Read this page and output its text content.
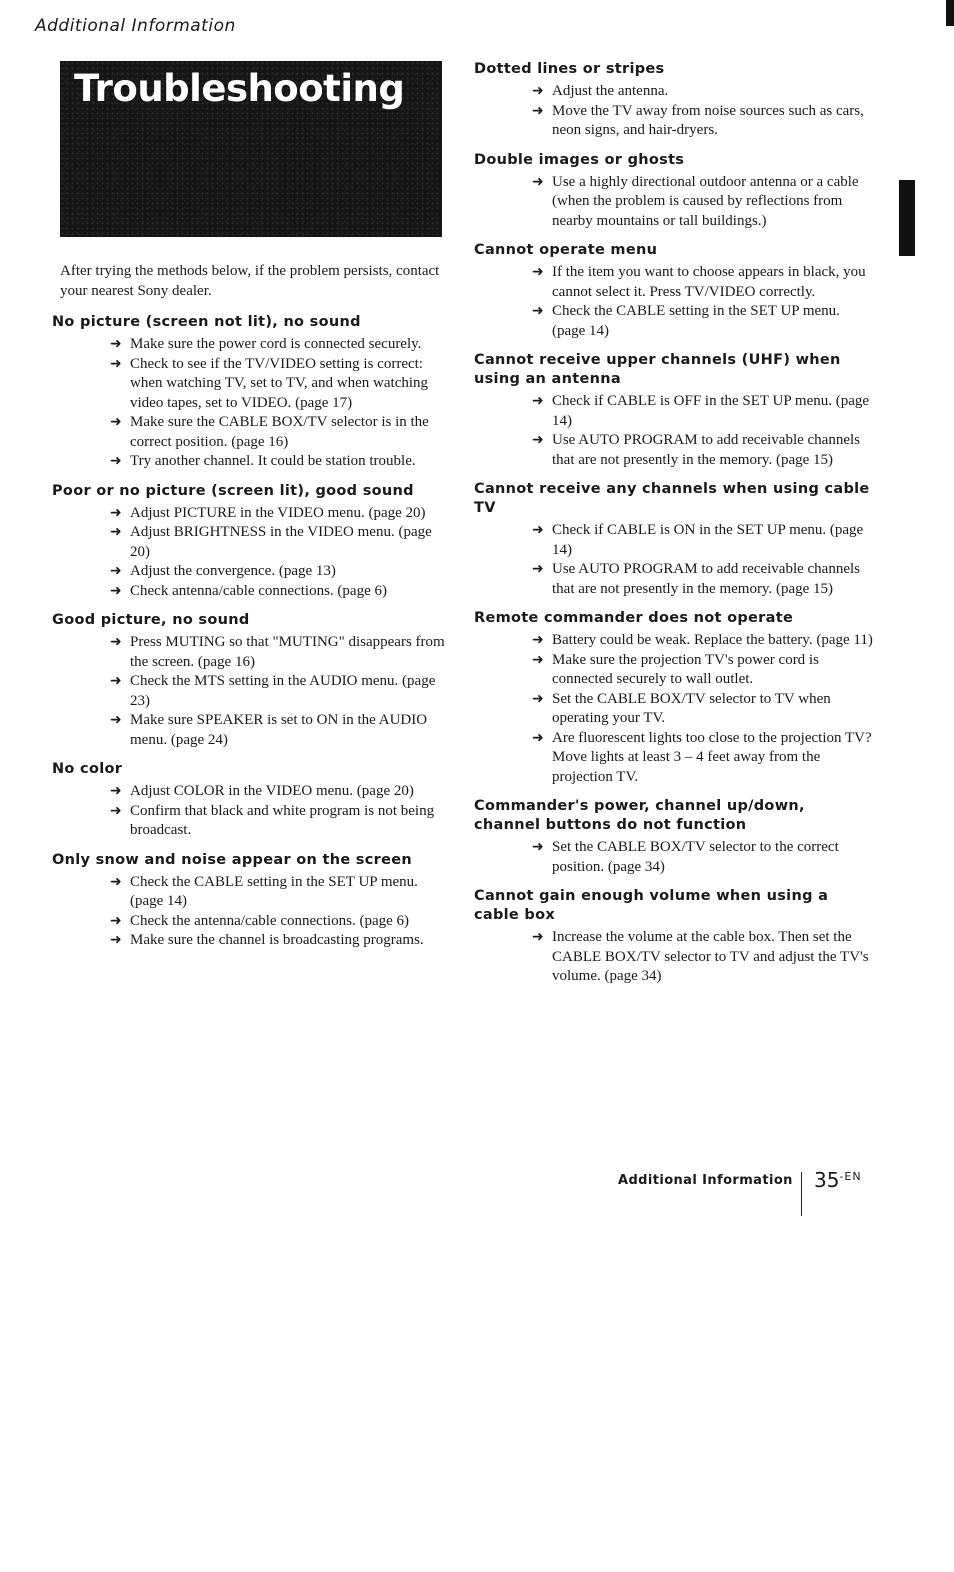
Additional Information
Troubleshooting
After trying the methods below, if the problem persists, contact your nearest Sony dealer.
No picture (screen not lit), no sound
➜ Make sure the power cord is connected securely.
➜ Check to see if the TV/VIDEO setting is correct: when watching TV, set to TV, and when watching video tapes, set to VIDEO. (page 17)
➜ Make sure the CABLE BOX/TV selector is in the correct position. (page 16)
➜ Try another channel. It could be station trouble.
Poor or no picture (screen lit), good sound
➜ Adjust PICTURE in the VIDEO menu. (page 20)
➜ Adjust BRIGHTNESS in the VIDEO menu. (page 20)
➜ Adjust the convergence. (page 13)
➜ Check antenna/cable connections. (page 6)
Good picture, no sound
➜ Press MUTING so that "MUTING" disappears from the screen. (page 16)
➜ Check the MTS setting in the AUDIO menu. (page 23)
➜ Make sure SPEAKER is set to ON in the AUDIO menu. (page 24)
No color
➜ Adjust COLOR in the VIDEO menu. (page 20)
➜ Confirm that black and white program is not being broadcast.
Only snow and noise appear on the screen
➜ Check the CABLE setting in the SET UP menu. (page 14)
➜ Check the antenna/cable connections. (page 6)
➜ Make sure the channel is broadcasting programs.
Dotted lines or stripes
➜ Adjust the antenna.
➜ Move the TV away from noise sources such as cars, neon signs, and hair-dryers.
Double images or ghosts
➜ Use a highly directional outdoor antenna or a cable (when the problem is caused by reflections from nearby mountains or tall buildings.)
Cannot operate menu
➜ If the item you want to choose appears in black, you cannot select it. Press TV/VIDEO correctly.
➜ Check the CABLE setting in the SET UP menu. (page 14)
Cannot receive upper channels (UHF) when using an antenna
➜ Check if CABLE is OFF in the SET UP menu. (page 14)
➜ Use AUTO PROGRAM to add receivable channels that are not presently in the memory. (page 15)
Cannot receive any channels when using cable TV
➜ Check if CABLE is ON in the SET UP menu. (page 14)
➜ Use AUTO PROGRAM to add receivable channels that are not presently in the memory. (page 15)
Remote commander does not operate
➜ Battery could be weak. Replace the battery. (page 11)
➜ Make sure the projection TV's power cord is connected securely to wall outlet.
➜ Set the CABLE BOX/TV selector to TV when operating your TV.
➜ Are fluorescent lights too close to the projection TV? Move lights at least 3 – 4 feet away from the projection TV.
Commander's power, channel up/down, channel buttons do not function
➜ Set the CABLE BOX/TV selector to the correct position. (page 34)
Cannot gain enough volume when using a cable box
➜ Increase the volume at the cable box. Then set the CABLE BOX/TV selector to TV and adjust the TV's volume. (page 34)
Additional Information $35^{-EN}$
